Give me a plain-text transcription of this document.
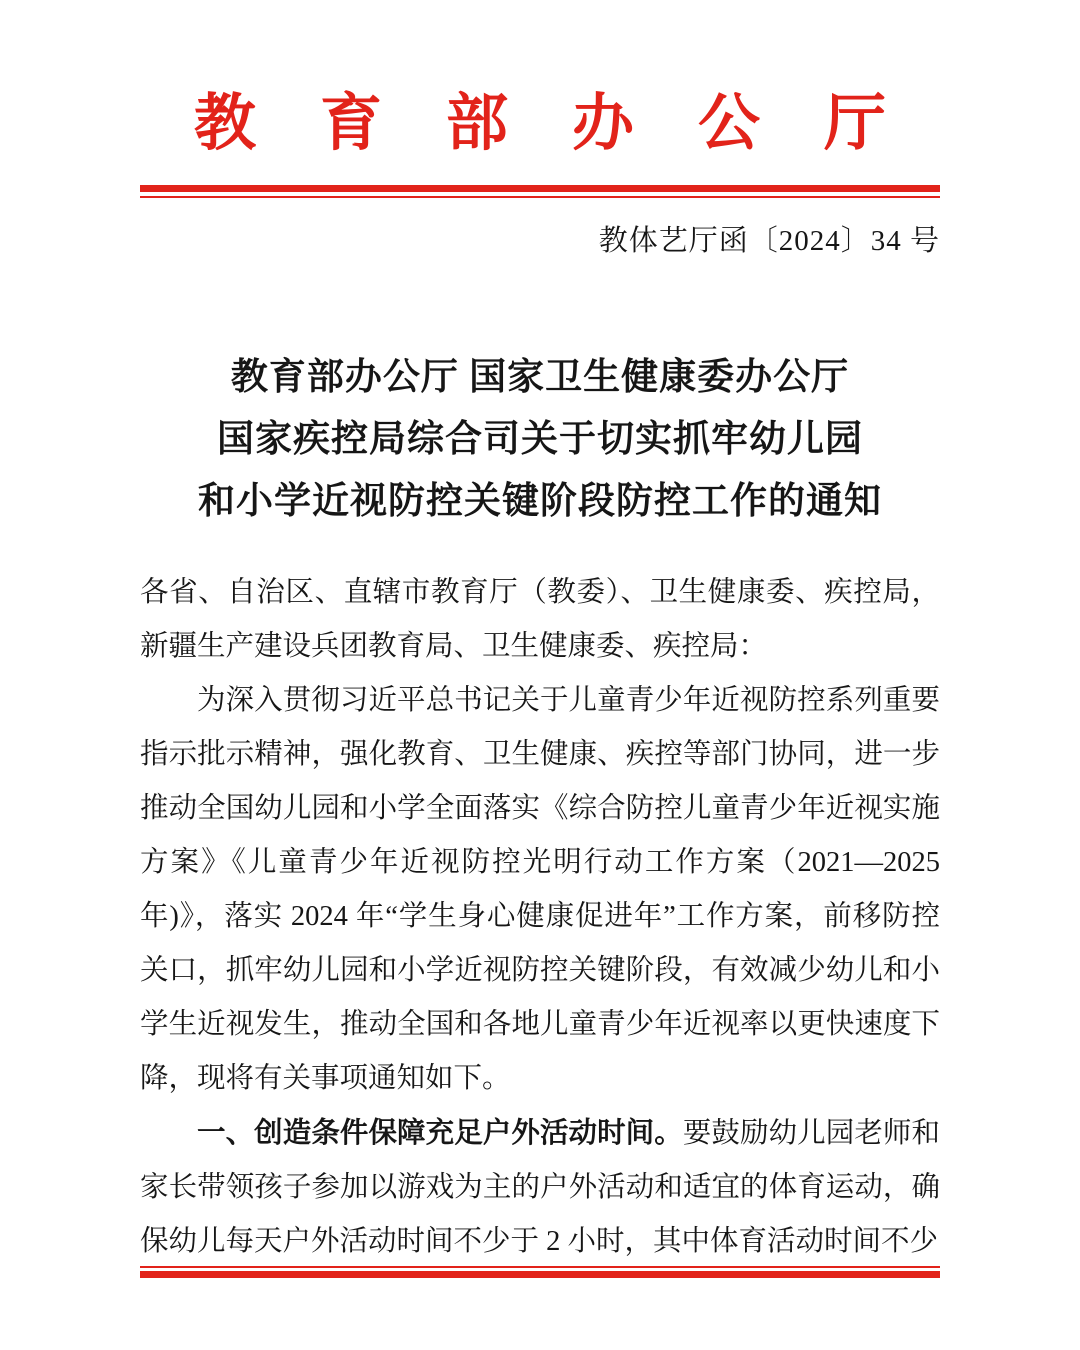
教育部办公厅
教体艺厅函〔2024〕34 号
教育部办公厅 国家卫生健康委办公厅
国家疾控局综合司关于切实抓牢幼儿园
和小学近视防控关键阶段防控工作的通知

各省、自治区、直辖市教育厅（教委）、卫生健康委、疾控局，新疆生产建设兵团教育局、卫生健康委、疾控局：

为深入贯彻习近平总书记关于儿童青少年近视防控系列重要指示批示精神，强化教育、卫生健康、疾控等部门协同，进一步推动全国幼儿园和小学全面落实《综合防控儿童青少年近视实施方案》《儿童青少年近视防控光明行动工作方案（2021—2025年)》，落实 2024 年“学生身心健康促进年”工作方案，前移防控关口，抓牢幼儿园和小学近视防控关键阶段，有效减少幼儿和小学生近视发生，推动全国和各地儿童青少年近视率以更快速度下降，现将有关事项通知如下。

一、创造条件保障充足户外活动时间。要鼓励幼儿园老师和家长带领孩子参加以游戏为主的户外活动和适宜的体育运动，确保幼儿每天户外活动时间不少于 2 小时，其中体育活动时间不少
